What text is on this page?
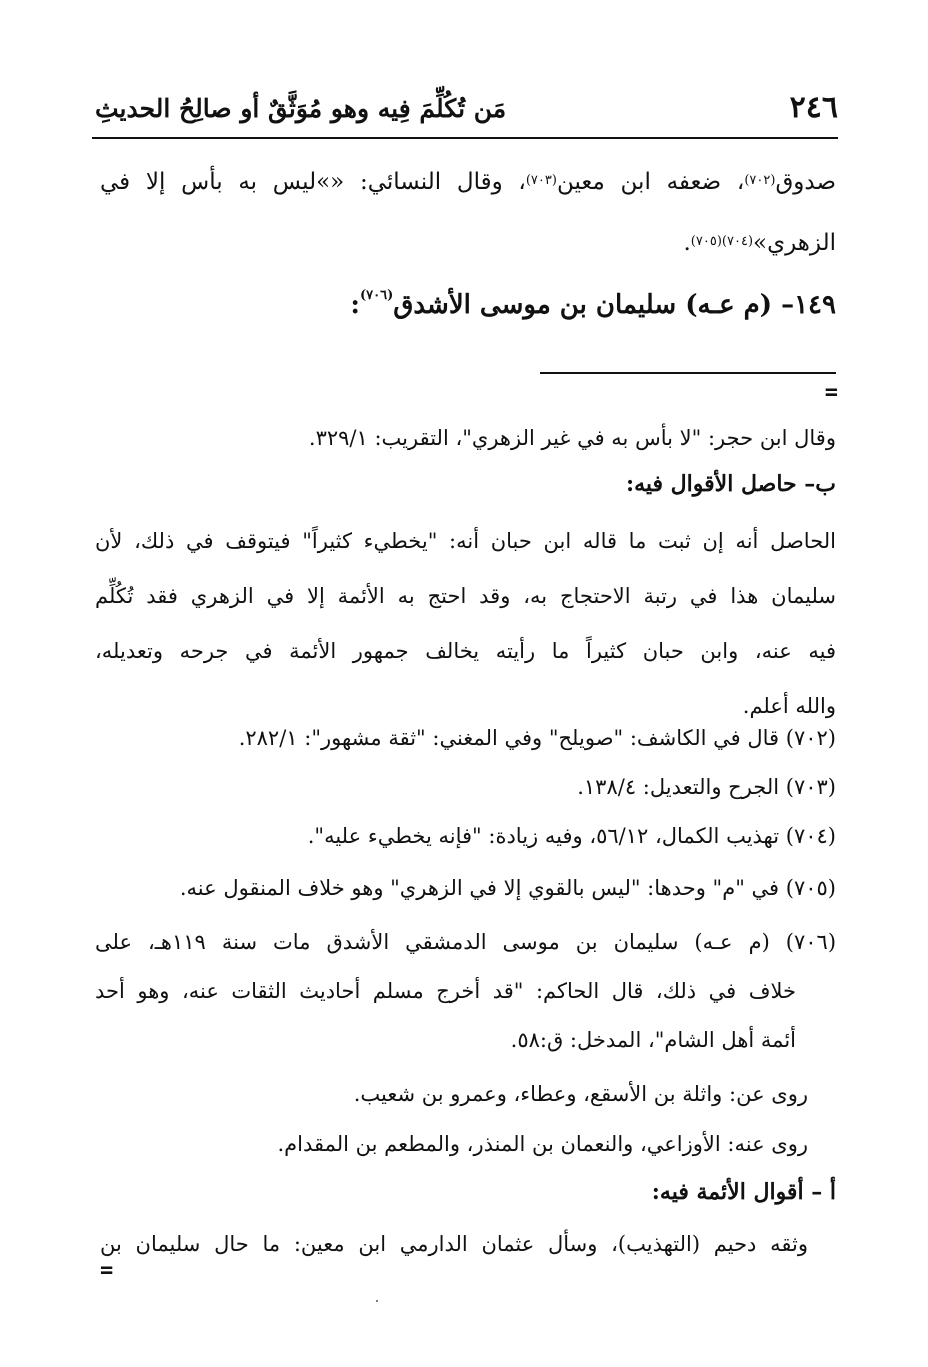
٢٤٦
مَن تُكُلِّمَ فِيه وهو مُوَثَّقٌ أو صالِحُ الحديثِ
صدوق$^{(٧٠٢)}$، ضعفه ابن معين$^{(٧٠٣)}$، وقال النسائي: «»ليس به بأس إلا في
الزهري»$^{(٧٠٤)(٧٠٥)}$.
١٤٩– (م عـه) سليمان بن موسى الأشدق$^{(٧٠٦)}$:
=
وقال ابن حجر: "لا بأس به في غير الزهري"، التقريب: ٣٢٩/١.
ب– حاصل الأقوال فيه:
الحاصل أنه إن ثبت ما قاله ابن حبان أنه: "يخطيء كثيراً" فيتوقف في ذلك، لأن
سليمان هذا في رتبة الاحتجاج به، وقد احتج به الأئمة إلا في الزهري فقد تُكُلِّم
فيه عنه، وابن حبان كثيراً ما رأيته يخالف جمهور الأئمة في جرحه وتعديله،
والله أعلم.
(٧٠٢) قال في الكاشف: "صويلح" وفي المغني: "ثقة مشهور": ٢٨٢/١.
(٧٠٣) الجرح والتعديل: ١٣٨/٤.
(٧٠٤) تهذيب الكمال، ٥٦/١٢، وفيه زيادة: "فإنه يخطيء عليه".
(٧٠٥) في "م" وحدها: "ليس بالقوي إلا في الزهري" وهو خلاف المنقول عنه.
(٧٠٦) (م عـه) سليمان بن موسى الدمشقي الأشدق مات سنة ١١٩هـ، على
خلاف في ذلك، قال الحاكم: "قد أخرج مسلم أحاديث الثقات عنه، وهو أحد
أئمة أهل الشام"، المدخل: ق:٥٨.
روى عن: واثلة بن الأسقع، وعطاء، وعمرو بن شعيب.
روى عنه: الأوزاعي، والنعمان بن المنذر، والمطعم بن المقدام.
أ – أقوال الأئمة فيه:
وثقه دحيم (التهذيب)، وسأل عثمان الدارمي ابن معين: ما حال سليمان بن
=
